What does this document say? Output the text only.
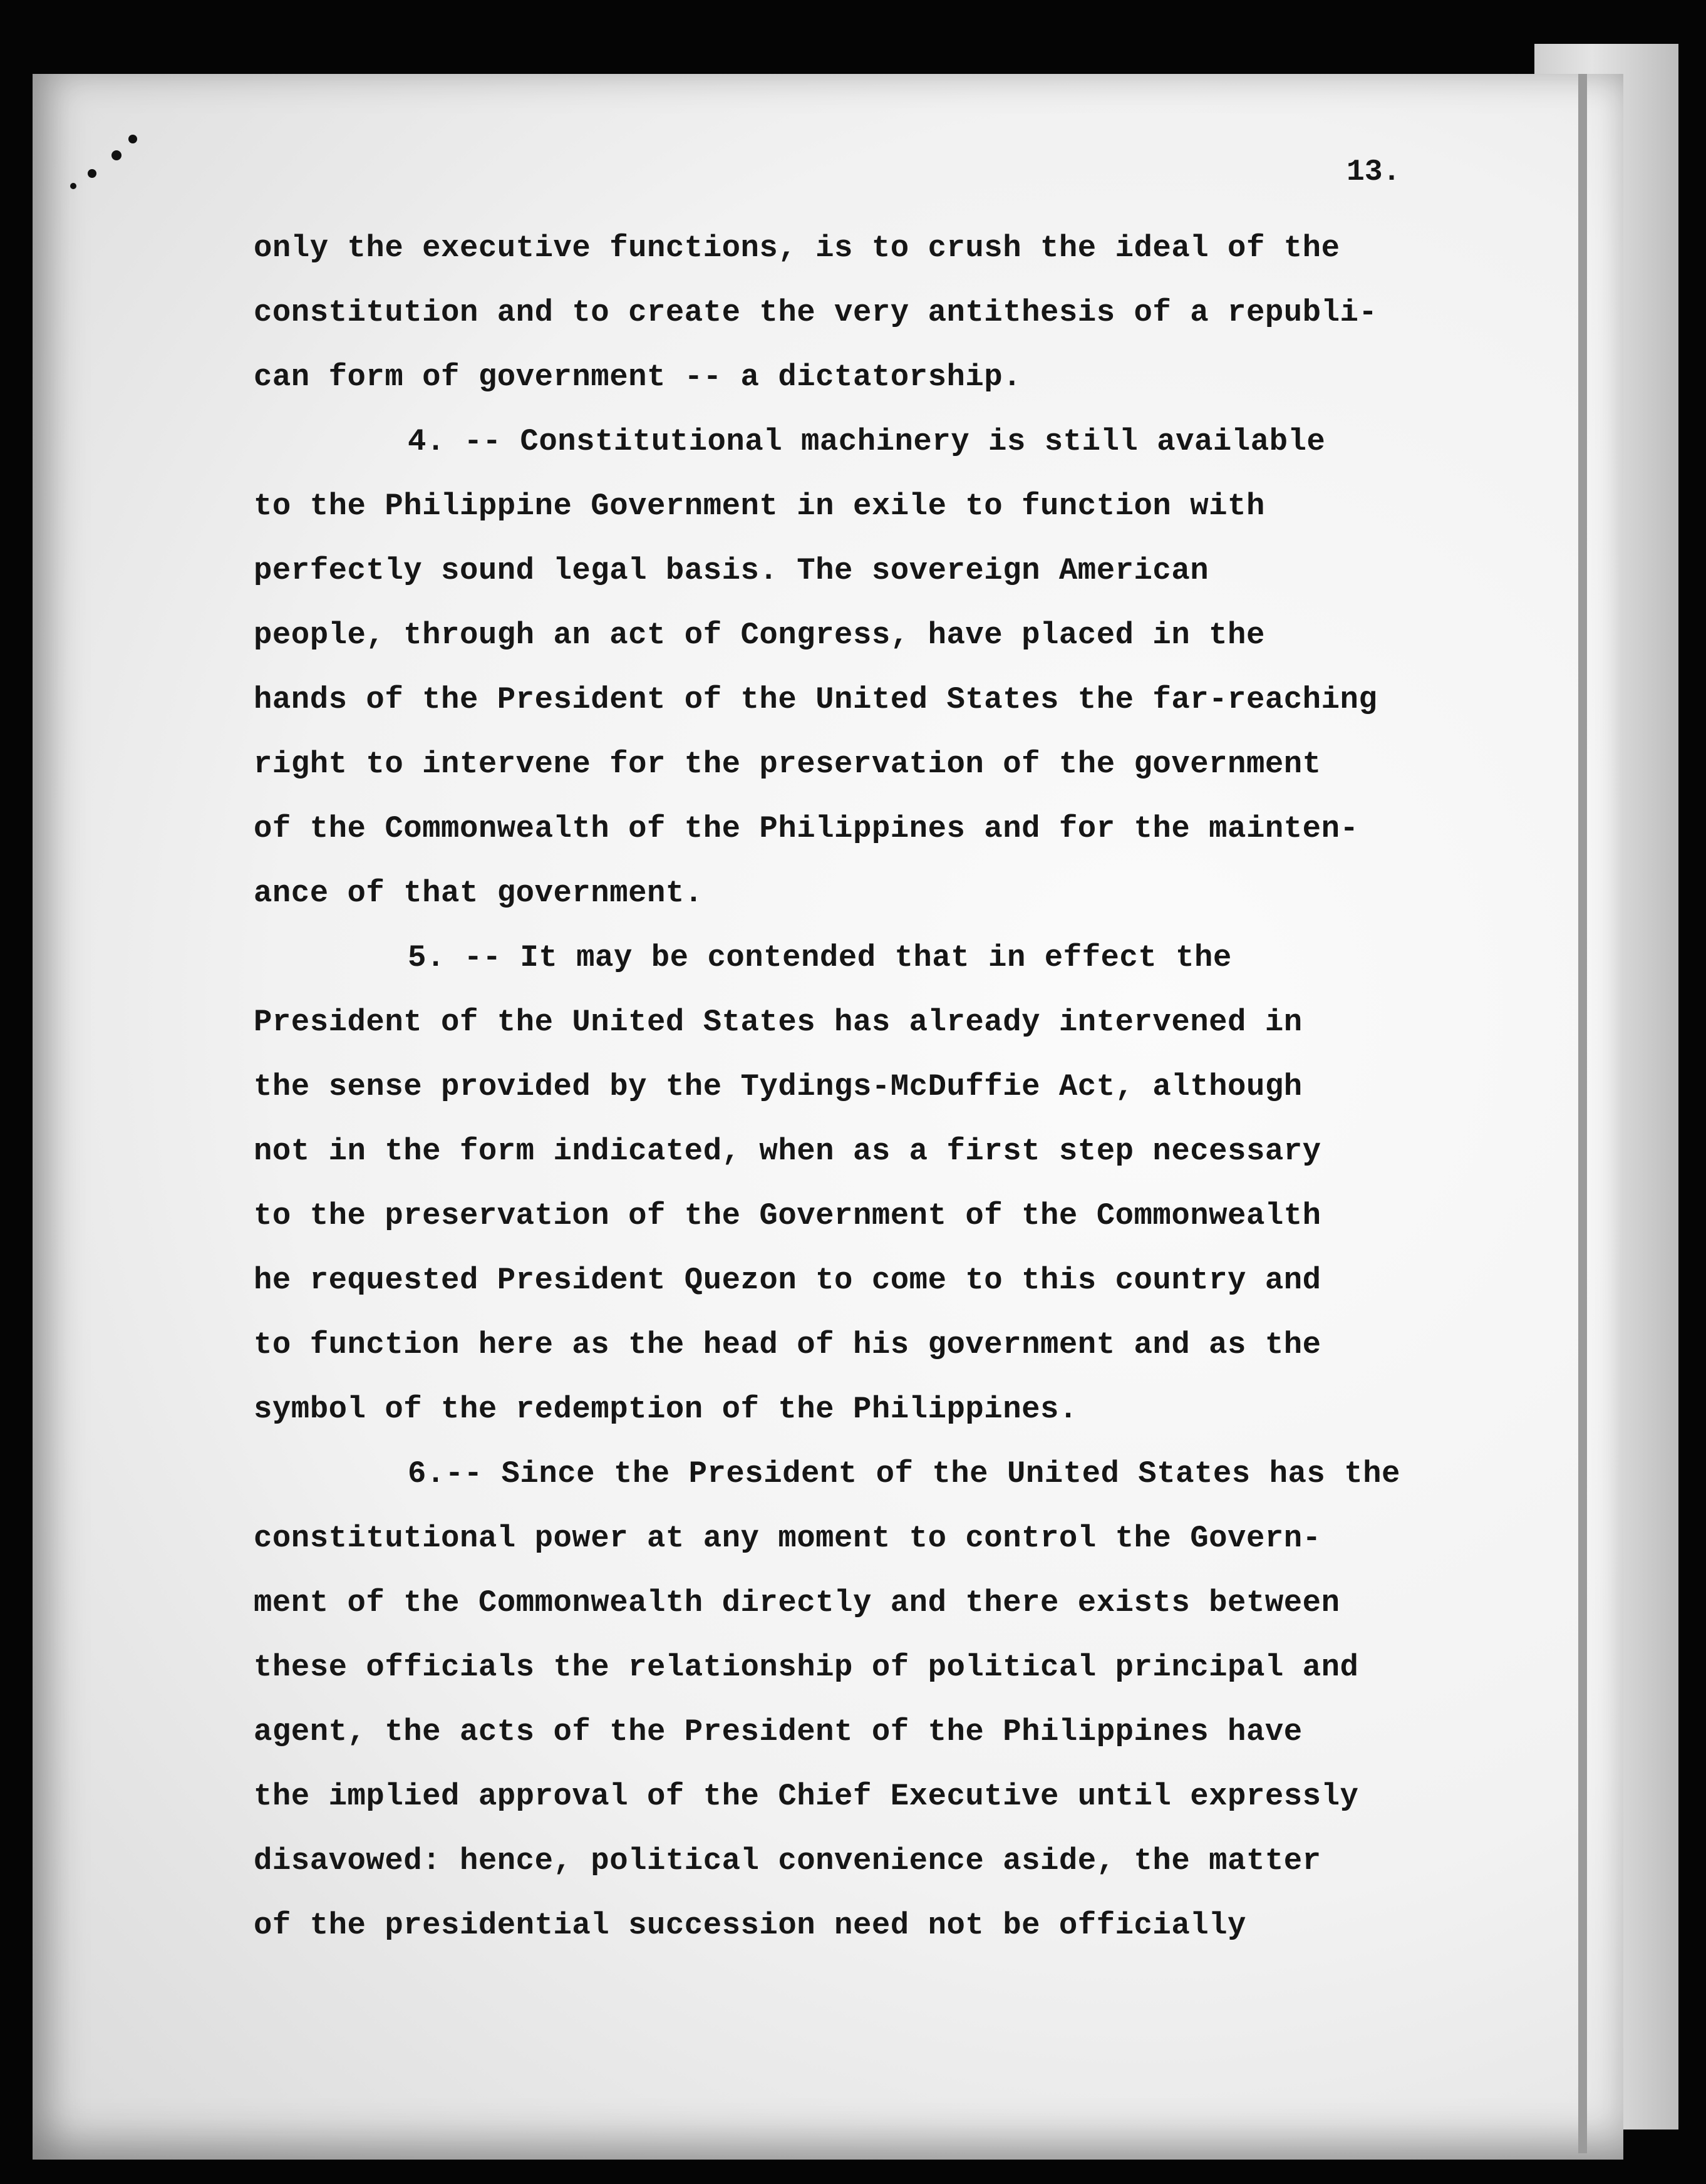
13.
only the executive functions, is to crush the ideal of the
constitution and to create the very antithesis of a republi-
can form of government -- a dictatorship.
4. -- Constitutional machinery is still available
to the Philippine Government in exile to function with
perfectly sound legal basis. The sovereign American
people, through an act of Congress, have placed in the
hands of the President of the United States the far-reaching
right to intervene for the preservation of the government
of the Commonwealth of the Philippines and for the mainten-
ance of that government.
5. -- It may be contended that in effect the
President of the United States has already intervened in
the sense provided by the Tydings-McDuffie Act, although
not in the form indicated, when as a first step necessary
to the preservation of the Government of the Commonwealth
he requested President Quezon to come to this country and
to function here as the head of his government and as the
symbol of the redemption of the Philippines.
6.-- Since the President of the United States has the
constitutional power at any moment to control the Govern-
ment of the Commonwealth directly and there exists between
these officials the relationship of political principal and
agent, the acts of the President of the Philippines have
the implied approval of the Chief Executive until expressly
disavowed: hence, political convenience aside, the matter
of the presidential succession need not be officially
